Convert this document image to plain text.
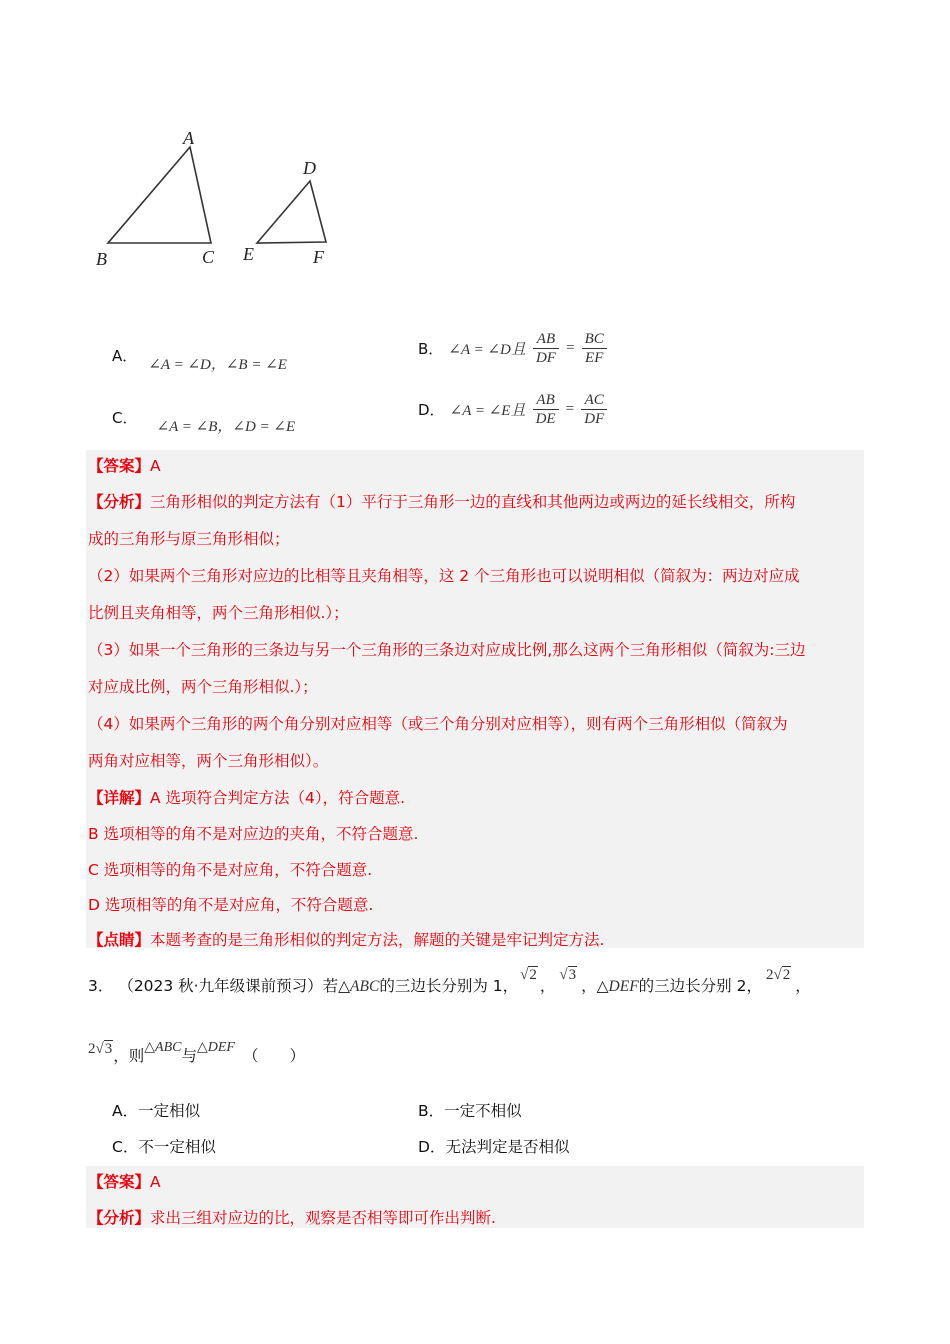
A
B	C
D
E	F
A． ∠A = ∠D，∠B = ∠E
B． ∠A = ∠D且 $\frac{AB}{DF} = \frac{BC}{EF}$
C． ∠A = ∠B，∠D = ∠E
D． ∠A = ∠E且 $\frac{AB}{DE} = \frac{AC}{DF}$
【答案】A
【分析】三角形相似的判定方法有（1）平行于三角形一边的直线和其他两边或两边的延长线相交，所构
成的三角形与原三角形相似；
（2）如果两个三角形对应边的比相等且夹角相等，这 2 个三角形也可以说明相似（简叙为：两边对应成
比例且夹角相等，两个三角形相似.）；
（3）如果一个三角形的三条边与另一个三角形的三条边对应成比例,那么这两个三角形相似（简叙为:三边
对应成比例，两个三角形相似.）；
（4）如果两个三角形的两个角分别对应相等（或三个角分别对应相等），则有两个三角形相似（简叙为
两角对应相等，两个三角形相似）。
【详解】A 选项符合判定方法（4），符合题意.
B 选项相等的角不是对应边的夹角，不符合题意.
C 选项相等的角不是对应角，不符合题意.
D 选项相等的角不是对应角，不符合题意.
【点睛】本题考查的是三角形相似的判定方法，解题的关键是牢记判定方法.
3． （2023 秋·九年级课前预习）若△ABC的三边长分别为 1，√2，√3，△DEF的三边长分别 2，2√2，
2√3，则△ABC与△DEF （　　）
A．一定相似	B．一定不相似
C．不一定相似	D．无法判定是否相似
【答案】A
【分析】求出三组对应边的比，观察是否相等即可作出判断.
